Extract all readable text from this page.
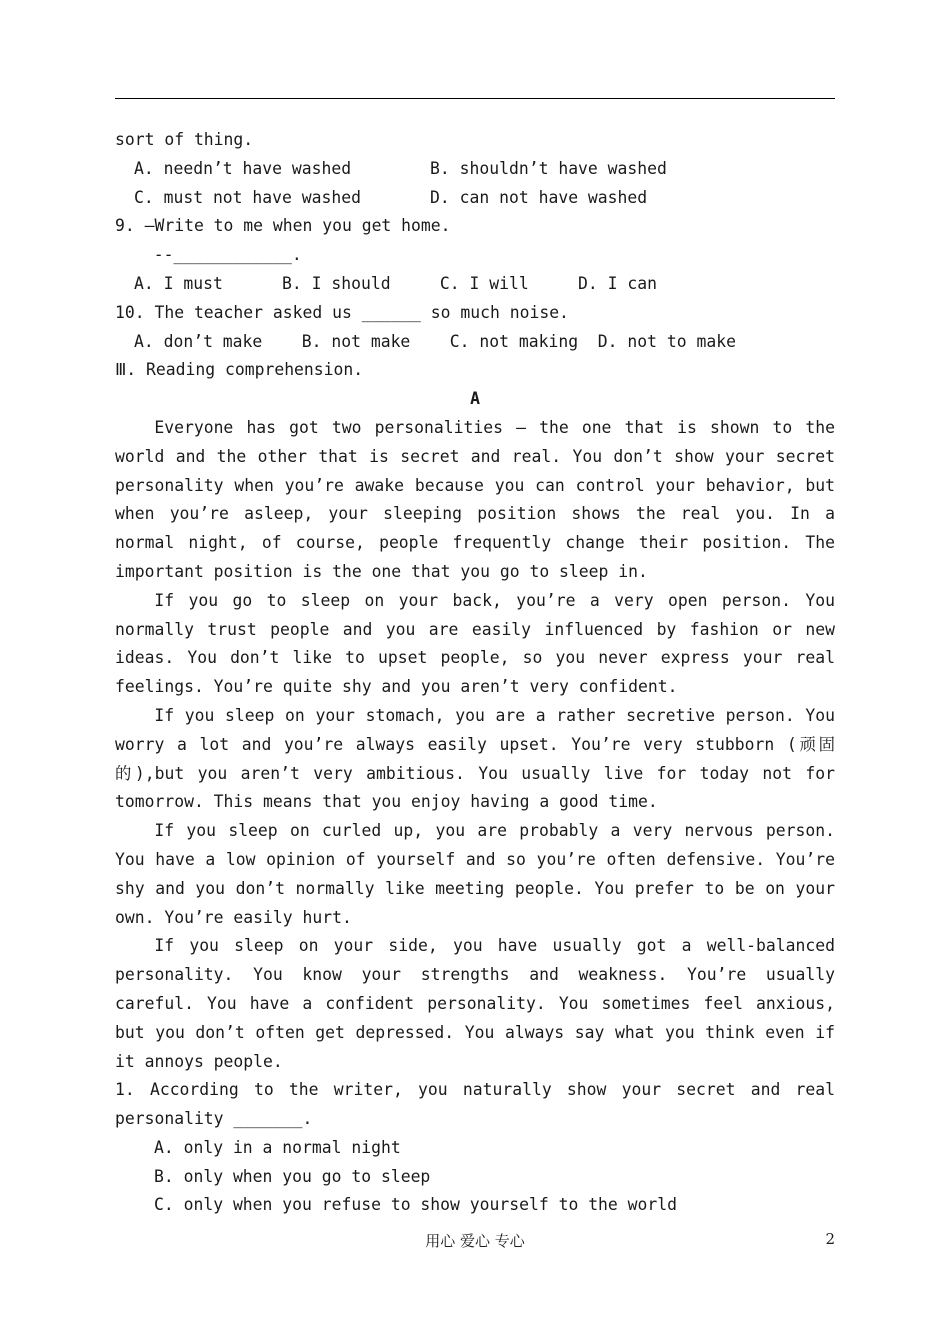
sort of thing.
A. needn’t have washed        B. shouldn’t have washed
C. must not have washed       D. can not have washed
9. –Write to me when you get home.
--____________.
A. I must      B. I should     C. I will     D. I can
10. The teacher asked us ______ so much noise.
A. don’t make    B. not make    C. not making  D. not to make
Ⅲ. Reading comprehension.
A
Everyone has got two personalities – the one that is shown to the world and the other that is secret and real. You don’t show your secret personality when you’re awake because you can control your behavior, but when you’re asleep, your sleeping position shows the real you. In a normal night, of course, people frequently change their position. The important position is the one that you go to sleep in.
If you go to sleep on your back, you’re a very open person. You normally trust people and you are easily influenced by fashion or new ideas. You don’t like to upset people, so you never express your real feelings. You’re quite shy and you aren’t very confident.
If you sleep on your stomach, you are a rather secretive person. You worry a lot and you’re always easily upset. You’re very stubborn (顽固的),but you aren’t very ambitious. You usually live for today not for tomorrow. This means that you enjoy having a good time.
If you sleep on curled up, you are probably a very nervous person. You have a low opinion of yourself and so you’re often defensive. You’re shy and you don’t normally like meeting people. You prefer to be on your own. You’re easily hurt.
If you sleep on your side, you have usually got a well-balanced personality. You know your strengths and weakness. You’re usually careful. You have a confident personality. You sometimes feel anxious, but you don’t often get depressed. You always say what you think even if it annoys people.
1. According to the writer, you naturally show your secret and real personality _______.
A. only in a normal night
B. only when you go to sleep
C. only when you refuse to show yourself to the world
用心 爱心 专心	2
